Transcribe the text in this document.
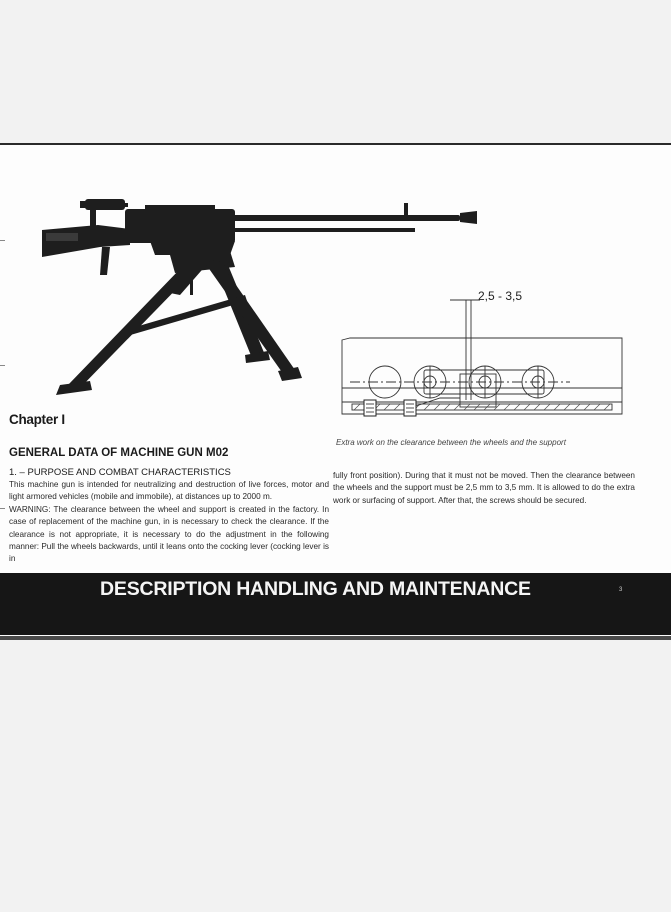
2,5 - 3,5
Extra work on the clearance between the wheels and the support
Chapter I
GENERAL DATA OF MACHINE GUN M02
1. – PURPOSE AND COMBAT CHARACTERISTICS

This machine gun is intended for neutralizing and destruction of live forces, motor and light armored vehicles (mobile and immobile), at distances up to 2000 m.

WARNING: The clearance between the wheel and support is created in the factory. In case of replacement of the machine gun, in is necessary to check the clearance. If the clearance is not appropriate, it is necessary to do the adjustment in the following manner: Pull the wheels backwards, until it leans onto the cocking lever (cocking lever is in

fully front position). During that it must not be moved. Then the clearance between the wheels and the support must be 2,5 mm to 3,5 mm. It is allowed to do the extra work or surfacing of support. After that, the screws should be secured.

DESCRIPTION HANDLING AND MAINTENANCE	3
